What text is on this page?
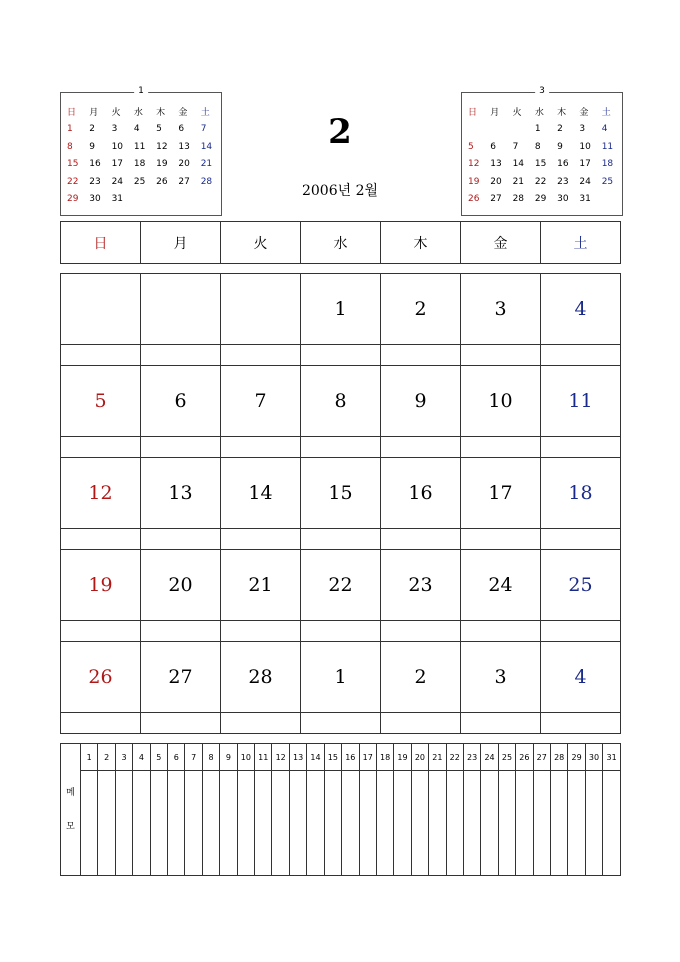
1
日	月	火	水	木	金	土
1	2	3	4	5	6	7
8	9	10	11	12	13	14
15	16	17	18	19	20	21
22	23	24	25	26	27	28
29	30	31				
3
日	月	火	水	木	金	土
			1	2	3	4
5	6	7	8	9	10	11
12	13	14	15	16	17	18
19	20	21	22	23	24	25
26	27	28	29	30	31	
2
2006년 2월
日	月	火	水	木	金	土
			1	2	3	4

5	6	7	8	9	10	11

12	13	14	15	16	17	18

19	20	21	22	23	24	25

26	27	28	1	2	3	4

메
모	1	2	3	4	5	6	7	8	9	10	11	12	13	14	15	16	17	18	19	20	21	22	23	24	25	26	27	28	29	30	31
